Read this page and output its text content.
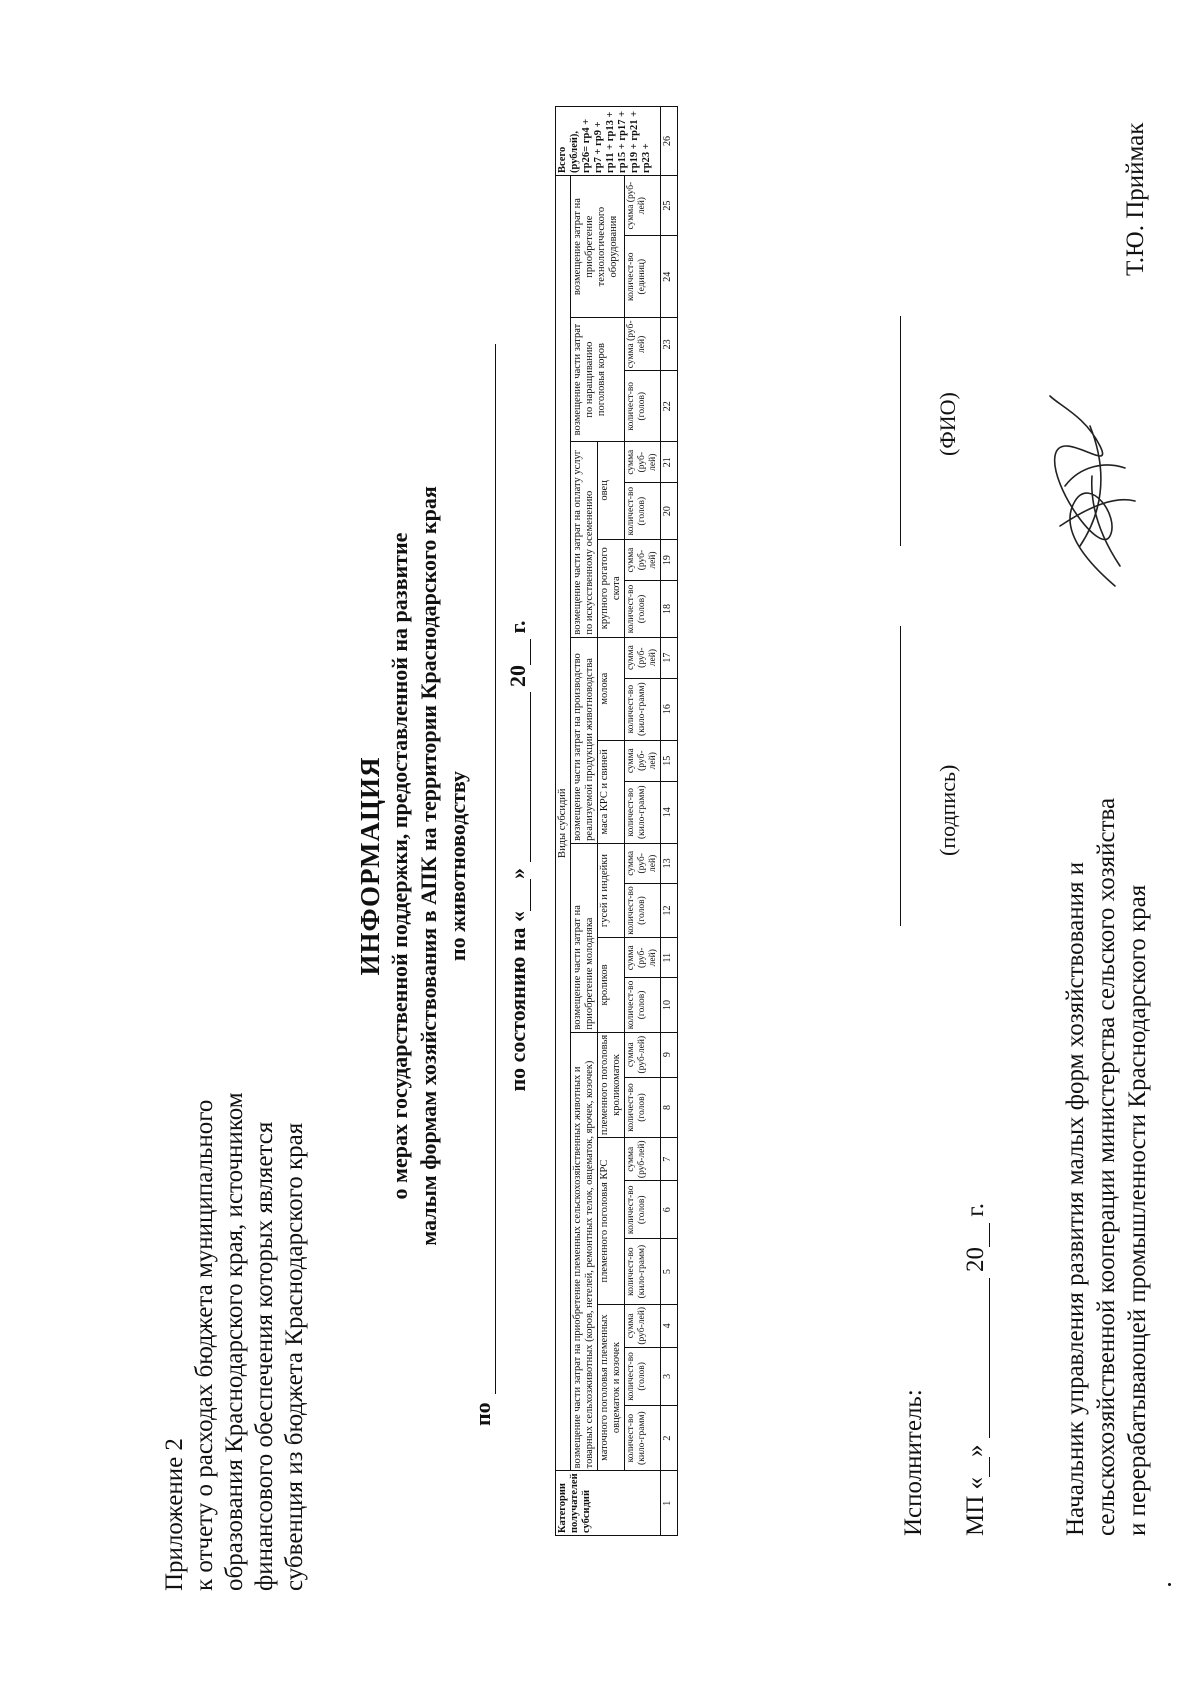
Приложение 2 к отчету о расходах бюджета муниципального образования Краснодарского края, источником финансового обеспечения которых является субвенция из бюджета Краснодарского края
ИНФОРМАЦИЯ о мерах государственной поддержки, предоставленной на развитие малым формам хозяйствования в АПК на территории Краснодарского края по животноводству
по
по состоянию на «»  20 г.
Категории получателей субсидий	Виды субсидий																								Всего (рублей), гр26= гр4 + гр7 + гр9 + гр11 + гр13 + гр15 + гр17 + гр19 + гр21 + гр23 +
	возмещение части затрат на приобретение племенных сельскохозяйственных животных и товарных сельхозживотных (коров, нетелей, ремонтных телок, овцематок, ярочек, козочек)								возмещение части затрат на приобретение молодняка				возмещение части затрат на производство реализуемой продукции животноводства				возмещение части затрат на оплату услуг по искусственному осеменению				возмещение части затрат по наращиванию поголовья коров		возмещение затрат на приобретение технологического оборудования		
	маточного поголовья племенных овцематок и козочек			племенного поголовья КРС			племенного поголовья кроликоматок		кроликов		гусей и индейки		маса КРС и свиней		молока		крупного рогатого скота		овец						
	количест-во (кило-грамм)	количест-во (голов)	сумма (руб-лей)	количест-во (кило-грамм)	количест-во (голов)	сумма (руб-лей)	количест-во (голов)	сумма (руб-лей)	количест-во (голов)	сумма (руб-лей)	количест-во (голов)	сумма (руб-лей)	количест-во (кило-грамм)	сумма (руб-лей)	количест-во (кило-грамм)	сумма (руб-лей)	количест-во (голов)	сумма (руб-лей)	количест-во (голов)	сумма (руб-лей)	количест-во (голов)	сумма (руб-лей)	количест-во (единиц)	сумма (руб-лей)	
1	2	3	4	5	6	7	8	9	10	11	12	13	14	15	16	17	18	19	20	21	22	23	24	25	26
Исполнитель:
(подпись)
(ФИО)
МП «»  20 г.	Начальник управления развития малых форм хозяйствования и сельскохозяйственной кооперации министерства сельского хозяйства и перерабатывающей промышленности Краснодарского края
Т.Ю. Приймак
